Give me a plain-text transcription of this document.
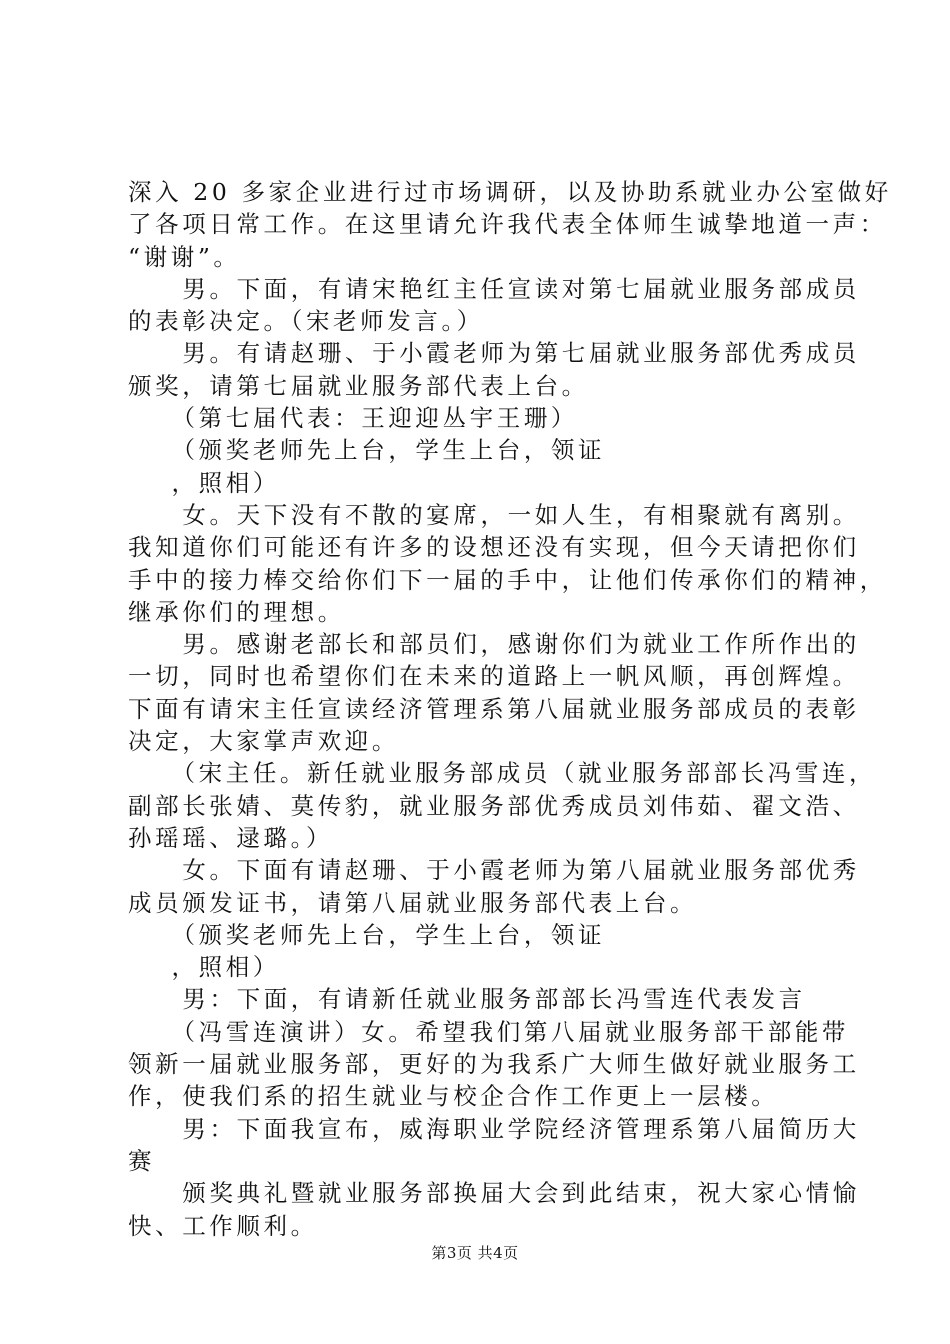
深入 20 多家企业进行过市场调研，以及协助系就业办公室做好
了各项日常工作。在这里请允许我代表全体师生诚挚地道一声：
“谢谢”。
男。下面，有请宋艳红主任宣读对第七届就业服务部成员
的表彰决定。（宋老师发言。）
男。有请赵珊、于小霞老师为第七届就业服务部优秀成员
颁奖，请第七届就业服务部代表上台。
（第七届代表：王迎迎丛宇王珊）
（颁奖老师先上台，学生上台，领证
，照相）
女。天下没有不散的宴席，一如人生，有相聚就有离别。
我知道你们可能还有许多的设想还没有实现，但今天请把你们
手中的接力棒交给你们下一届的手中，让他们传承你们的精神，
继承你们的理想。
男。感谢老部长和部员们，感谢你们为就业工作所作出的
一切，同时也希望你们在未来的道路上一帆风顺，再创辉煌。
下面有请宋主任宣读经济管理系第八届就业服务部成员的表彰
决定，大家掌声欢迎。
（宋主任。新任就业服务部成员（就业服务部部长冯雪连，
副部长张婧、莫传豹，就业服务部优秀成员刘伟茹、翟文浩、
孙瑶瑶、逯璐。）
女。下面有请赵珊、于小霞老师为第八届就业服务部优秀
成员颁发证书，请第八届就业服务部代表上台。
（颁奖老师先上台，学生上台，领证
，照相）
男：下面，有请新任就业服务部部长冯雪连代表发言
（冯雪连演讲）女。希望我们第八届就业服务部干部能带
领新一届就业服务部，更好的为我系广大师生做好就业服务工
作，使我们系的招生就业与校企合作工作更上一层楼。
男：下面我宣布，威海职业学院经济管理系第八届简历大
赛
颁奖典礼暨就业服务部换届大会到此结束，祝大家心情愉
快、工作顺利。
第3页 共4页
